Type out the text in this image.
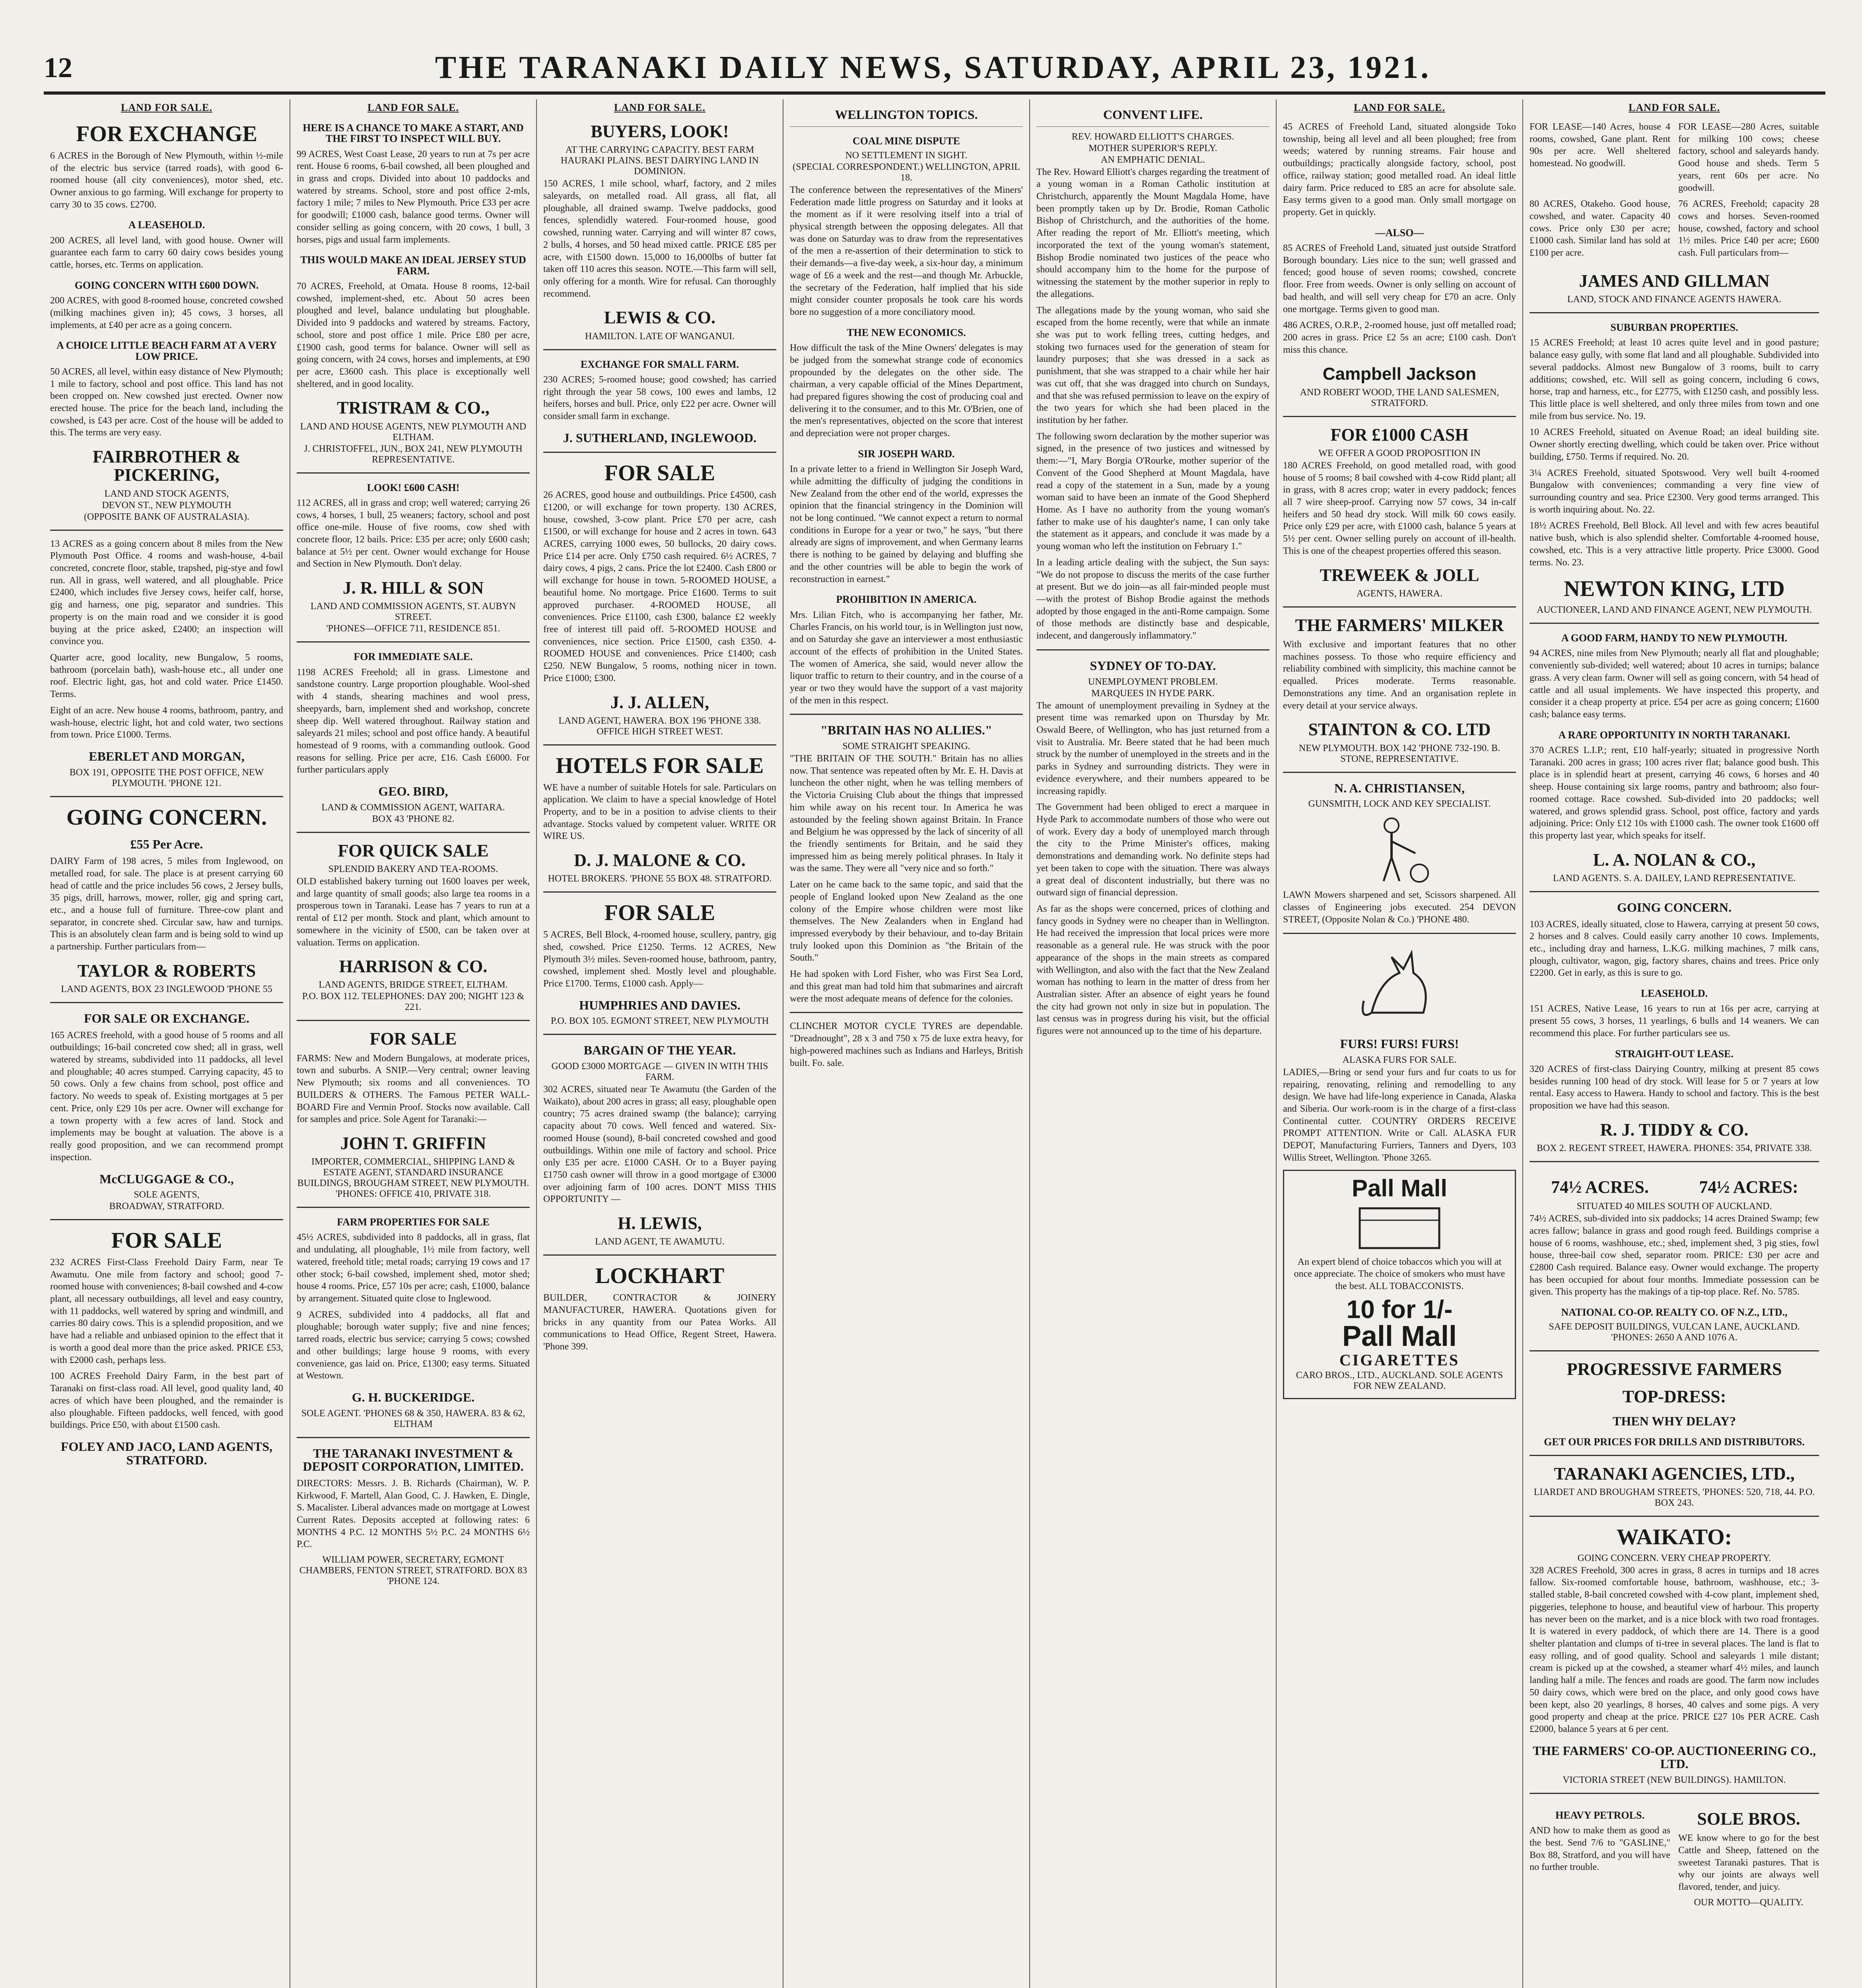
12	THE TARANAKI DAILY NEWS, SATURDAY, APRIL 23, 1921.
LAND FOR SALE.
FOR EXCHANGE
6 ACRES in the Borough of New Plymouth, within ½-mile of the electric bus service (tarred roads), with good 6-roomed house (all city conveniences), motor shed, etc. Owner anxious to go farming. Will exchange for property to carry 30 to 35 cows. £2700.
A LEASEHOLD.
200 ACRES, all level land, with good house. Owner will guarantee each farm to carry 60 dairy cows besides young cattle, horses, etc. Terms on application.
GOING CONCERN WITH £600 DOWN.
200 ACRES, with good 8-roomed house, concreted cowshed (milking machines given in); 45 cows, 3 horses, all implements, at £40 per acre as a going concern.
A CHOICE LITTLE BEACH FARM AT A VERY LOW PRICE.
50 ACRES, all level, within easy distance of New Plymouth; 1 mile to factory, school and post office. This land has not been cropped on. New cowshed just erected. Owner now erected house. The price for the beach land, including the cowshed, is £43 per acre. Cost of the house will be added to this. The terms are very easy.
FAIRBROTHER & PICKERING,
LAND AND STOCK AGENTS,
DEVON ST., NEW PLYMOUTH
(OPPOSITE BANK OF AUSTRALASIA).
13 ACRES as a going concern about 8 miles from the New Plymouth Post Office. 4 rooms and wash-house, 4-bail concreted, concrete floor, stable, trapshed, pig-stye and fowl run. All in grass, well watered, and all ploughable. Price £2400, which includes five Jersey cows, heifer calf, horse, gig and harness, one pig, separator and sundries. This property is on the main road and we consider it is good buying at the price asked, £2400; an inspection will convince you.
Quarter acre, good locality, new Bungalow, 5 rooms, bathroom (porcelain bath), wash-house etc., all under one roof. Electric light, gas, hot and cold water. Price £1450. Terms.
Eight of an acre. New house 4 rooms, bathroom, pantry, and wash-house, electric light, hot and cold water, two sections from town. Price £1000. Terms.
EBERLET AND MORGAN,
BOX 191, OPPOSITE THE POST OFFICE, NEW PLYMOUTH. 'PHONE 121.
GOING CONCERN.
£55 Per Acre.
DAIRY Farm of 198 acres, 5 miles from Inglewood, on metalled road, for sale. The place is at present carrying 60 head of cattle and the price includes 56 cows, 2 Jersey bulls, 35 pigs, drill, harrows, mower, roller, gig and spring cart, etc., and a house full of furniture. Three-cow plant and separator, in concrete shed. Circular saw, haw and turnips. This is an absolutely clean farm and is being sold to wind up a partnership. Further particulars from—
TAYLOR & ROBERTS
LAND AGENTS, BOX 23 INGLEWOOD 'PHONE 55
FOR SALE OR EXCHANGE.
165 ACRES freehold, with a good house of 5 rooms and all outbuildings; 16-bail concreted cow shed; all in grass, well watered by streams, subdivided into 11 paddocks, all level and ploughable; 40 acres stumped. Carrying capacity, 45 to 50 cows. Only a few chains from school, post office and factory. No weeds to speak of. Existing mortgages at 5 per cent. Price, only £29 10s per acre. Owner will exchange for a town property with a few acres of land. Stock and implements may be bought at valuation. The above is a really good proposition, and we can recommend prompt inspection.
McCLUGGAGE & CO.,
SOLE AGENTS,
BROADWAY, STRATFORD.
FOR SALE
232 ACRES First-Class Freehold Dairy Farm, near Te Awamutu. One mile from factory and school; good 7-roomed house with conveniences; 8-bail cowshed and 4-cow plant, all necessary outbuildings, all level and easy country, with 11 paddocks, well watered by spring and windmill, and carries 80 dairy cows. This is a splendid proposition, and we have had a reliable and unbiased opinion to the effect that it is worth a good deal more than the price asked. PRICE £53, with £2000 cash, perhaps less.
100 ACRES Freehold Dairy Farm, in the best part of Taranaki on first-class road. All level, good quality land, 40 acres of which have been ploughed, and the remainder is also ploughable. Fifteen paddocks, well fenced, with good buildings. Price £50, with about £1500 cash.
FOLEY AND JACO, LAND AGENTS, STRATFORD.
LAND FOR SALE.
HERE IS A CHANCE TO MAKE A START, AND THE FIRST TO INSPECT WILL BUY.
99 ACRES, West Coast Lease, 20 years to run at 7s per acre rent. House 6 rooms, 6-bail cowshed, all been ploughed and in grass and crops. Divided into about 10 paddocks and watered by streams. School, store and post office 2-mls, factory 1 mile; 7 miles to New Plymouth. Price £33 per acre for goodwill; £1000 cash, balance good terms. Owner will consider selling as going concern, with 20 cows, 1 bull, 3 horses, pigs and usual farm implements.
THIS WOULD MAKE AN IDEAL JERSEY STUD FARM.
70 ACRES, Freehold, at Omata. House 8 rooms, 12-bail cowshed, implement-shed, etc. About 50 acres been ploughed and level, balance undulating but ploughable. Divided into 9 paddocks and watered by streams. Factory, school, store and post office 1 mile. Price £80 per acre, £1900 cash, good terms for balance. Owner will sell as going concern, with 24 cows, horses and implements, at £90 per acre, £3600 cash. This place is exceptionally well sheltered, and in good locality.
TRISTRAM & CO.,
LAND AND HOUSE AGENTS, NEW PLYMOUTH AND ELTHAM.
J. CHRISTOFFEL, JUN., BOX 241, NEW PLYMOUTH REPRESENTATIVE.
LOOK! £600 CASH!
112 ACRES, all in grass and crop; well watered; carrying 26 cows, 4 horses, 1 bull, 25 weaners; factory, school and post office one-mile. House of five rooms, cow shed with concrete floor, 12 bails. Price: £35 per acre; only £600 cash; balance at 5½ per cent. Owner would exchange for House and Section in New Plymouth. Don't delay.
J. R. HILL & SON
LAND AND COMMISSION AGENTS, ST. AUBYN STREET.
'PHONES—OFFICE 711, RESIDENCE 851.
FOR IMMEDIATE SALE.
1198 ACRES Freehold; all in grass. Limestone and sandstone country. Large proportion ploughable. Wool-shed with 4 stands, shearing machines and wool press, sheepyards, barn, implement shed and workshop, concrete sheep dip. Well watered throughout. Railway station and saleyards 21 miles; school and post office handy. A beautiful homestead of 9 rooms, with a commanding outlook. Good reasons for selling. Price per acre, £16. Cash £6000. For further particulars apply
GEO. BIRD,
LAND & COMMISSION AGENT, WAITARA.
BOX 43 'PHONE 82.
FOR QUICK SALE
SPLENDID BAKERY AND TEA-ROOMS.
OLD established bakery turning out 1600 loaves per week, and large quantity of small goods; also large tea rooms in a prosperous town in Taranaki. Lease has 7 years to run at a rental of £12 per month. Stock and plant, which amount to somewhere in the vicinity of £500, can be taken over at valuation. Terms on application.
HARRISON & CO.
LAND AGENTS, BRIDGE STREET, ELTHAM.
P.O. BOX 112. TELEPHONES: DAY 200; NIGHT 123 & 221.
FOR SALE
FARMS: New and Modern Bungalows, at moderate prices, town and suburbs. A SNIP.—Very central; owner leaving New Plymouth; six rooms and all conveniences. TO BUILDERS & OTHERS. The Famous PETER WALL-BOARD Fire and Vermin Proof. Stocks now available. Call for samples and price. Sole Agent for Taranaki:—
JOHN T. GRIFFIN
IMPORTER, COMMERCIAL, SHIPPING LAND & ESTATE AGENT, STANDARD INSURANCE BUILDINGS, BROUGHAM STREET, NEW PLYMOUTH. 'PHONES: OFFICE 410, PRIVATE 318.
FARM PROPERTIES FOR SALE
45½ ACRES, subdivided into 8 paddocks, all in grass, flat and undulating, all ploughable, 1½ mile from factory, well watered, freehold title; metal roads; carrying 19 cows and 17 other stock; 6-bail cowshed, implement shed, motor shed; house 4 rooms. Price, £57 10s per acre; cash, £1000, balance by arrangement. Situated quite close to Inglewood.
9 ACRES, subdivided into 4 paddocks, all flat and ploughable; borough water supply; five and nine fences; tarred roads, electric bus service; carrying 5 cows; cowshed and other buildings; large house 9 rooms, with every convenience, gas laid on. Price, £1300; easy terms. Situated at Westown.
G. H. BUCKERIDGE.
SOLE AGENT. 'PHONES 68 & 350, HAWERA. 83 & 62, ELTHAM
THE TARANAKI INVESTMENT & DEPOSIT CORPORATION, LIMITED.
DIRECTORS: Messrs. J. B. Richards (Chairman), W. P. Kirkwood, F. Martell, Alan Good, C. J. Hawken, E. Dingle, S. Macalister. Liberal advances made on mortgage at Lowest Current Rates. Deposits accepted at following rates: 6 MONTHS 4 P.C. 12 MONTHS 5½ P.C. 24 MONTHS 6½ P.C.
WILLIAM POWER, SECRETARY, EGMONT CHAMBERS, FENTON STREET, STRATFORD. BOX 83 'PHONE 124.
LAND FOR SALE.
BUYERS, LOOK!
AT THE CARRYING CAPACITY. BEST FARM HAURAKI PLAINS. BEST DAIRYING LAND IN DOMINION.
150 ACRES, 1 mile school, wharf, factory, and 2 miles saleyards, on metalled road. All grass, all flat, all ploughable, all drained swamp. Twelve paddocks, good fences, splendidly watered. Four-roomed house, good cowshed, running water. Carrying and will winter 87 cows, 2 bulls, 4 horses, and 50 head mixed cattle. PRICE £85 per acre, with £1500 down. 15,000 to 16,000lbs of butter fat taken off 110 acres this season. NOTE.—This farm will sell, only offering for a month. Wire for refusal. Can thoroughly recommend.
LEWIS & CO.
HAMILTON. LATE OF WANGANUI.
EXCHANGE FOR SMALL FARM.
230 ACRES; 5-roomed house; good cowshed; has carried right through the year 58 cows, 100 ewes and lambs, 12 heifers, horses and bull. Price, only £22 per acre. Owner will consider small farm in exchange.
J. SUTHERLAND, INGLEWOOD.
FOR SALE
26 ACRES, good house and outbuildings. Price £4500, cash £1200, or will exchange for town property. 130 ACRES, house, cowshed, 3-cow plant. Price £70 per acre, cash £1500, or will exchange for house and 2 acres in town. 643 ACRES, carrying 1000 ewes, 50 bullocks, 20 dairy cows. Price £14 per acre. Only £750 cash required. 6½ ACRES, 7 dairy cows, 4 pigs, 2 cans. Price the lot £2400. Cash £800 or will exchange for house in town. 5-ROOMED HOUSE, a beautiful home. No mortgage. Price £1600. Terms to suit approved purchaser. 4-ROOMED HOUSE, all conveniences. Price £1100, cash £300, balance £2 weekly free of interest till paid off. 5-ROOMED HOUSE and conveniences, nice section. Price £1500, cash £350. 4-ROOMED HOUSE and conveniences. Price £1400; cash £250. NEW Bungalow, 5 rooms, nothing nicer in town. Price £1000; £300.
J. J. ALLEN,
LAND AGENT, HAWERA. BOX 196 'PHONE 338. OFFICE HIGH STREET WEST.
HOTELS FOR SALE
WE have a number of suitable Hotels for sale. Particulars on application. We claim to have a special knowledge of Hotel Property, and to be in a position to advise clients to their advantage. Stocks valued by competent valuer. WRITE OR WIRE US.
D. J. MALONE & CO.
HOTEL BROKERS. 'PHONE 55 BOX 48. STRATFORD.
FOR SALE
5 ACRES, Bell Block, 4-roomed house, scullery, pantry, gig shed, cowshed. Price £1250. Terms. 12 ACRES, New Plymouth 3½ miles. Seven-roomed house, bathroom, pantry, cowshed, implement shed. Mostly level and ploughable. Price £1700. Terms, £1000 cash. Apply—
HUMPHRIES AND DAVIES.
P.O. BOX 105. EGMONT STREET, NEW PLYMOUTH
BARGAIN OF THE YEAR.
GOOD £3000 MORTGAGE — GIVEN IN WITH THIS FARM.
302 ACRES, situated near Te Awamutu (the Garden of the Waikato), about 200 acres in grass; all easy, ploughable open country; 75 acres drained swamp (the balance); carrying capacity about 70 cows. Well fenced and watered. Six-roomed House (sound), 8-bail concreted cowshed and good outbuildings. Within one mile of factory and school. Price only £35 per acre. £1000 CASH. Or to a Buyer paying £1750 cash owner will throw in a good mortgage of £3000 over adjoining farm of 100 acres. DON'T MISS THIS OPPORTUNITY —
H. LEWIS,
LAND AGENT, TE AWAMUTU.
LOCKHART
BUILDER, CONTRACTOR & JOINERY MANUFACTURER, HAWERA. Quotations given for bricks in any quantity from our Patea Works. All communications to Head Office, Regent Street, Hawera. 'Phone 399.
WELLINGTON TOPICS.
COAL MINE DISPUTE
NO SETTLEMENT IN SIGHT.
(SPECIAL CORRESPONDENT.) WELLINGTON, APRIL 18.
The conference between the representatives of the Miners' Federation made little progress on Saturday and it looks at the moment as if it were resolving itself into a trial of physical strength between the opposing delegates. All that was done on Saturday was to draw from the representatives of the men a re-assertion of their determination to stick to their demands—a five-day week, a six-hour day, a minimum wage of £6 a week and the rest—and though Mr. Arbuckle, the secretary of the Federation, half implied that his side might consider counter proposals he took care his words bore no suggestion of a more conciliatory mood.
THE NEW ECONOMICS.
How difficult the task of the Mine Owners' delegates is may be judged from the somewhat strange code of economics propounded by the delegates on the other side. The chairman, a very capable official of the Mines Department, had prepared figures showing the cost of producing coal and delivering it to the consumer, and to this Mr. O'Brien, one of the men's representatives, objected on the score that interest and depreciation were not proper charges.
SIR JOSEPH WARD.
In a private letter to a friend in Wellington Sir Joseph Ward, while admitting the difficulty of judging the conditions in New Zealand from the other end of the world, expresses the opinion that the financial stringency in the Dominion will not be long continued. "We cannot expect a return to normal conditions in Europe for a year or two," he says, "but there already are signs of improvement, and when Germany learns there is nothing to be gained by delaying and bluffing she and the other countries will be able to begin the work of reconstruction in earnest."
PROHIBITION IN AMERICA.
Mrs. Lilian Fitch, who is accompanying her father, Mr. Charles Francis, on his world tour, is in Wellington just now, and on Saturday she gave an interviewer a most enthusiastic account of the effects of prohibition in the United States. The women of America, she said, would never allow the liquor traffic to return to their country, and in the course of a year or two they would have the support of a vast majority of the men in this respect.
"BRITAIN HAS NO ALLIES."
SOME STRAIGHT SPEAKING.
"THE BRITAIN OF THE SOUTH." Britain has no allies now. That sentence was repeated often by Mr. E. H. Davis at luncheon the other night, when he was telling members of the Victoria Cruising Club about the things that impressed him while away on his recent tour. In America he was astounded by the feeling shown against Britain. In France and Belgium he was oppressed by the lack of sincerity of all the friendly sentiments for Britain, and he said they impressed him as being merely political phrases. In Italy it was the same. They were all "very nice and so forth."
Later on he came back to the same topic, and said that the people of England looked upon New Zealand as the one colony of the Empire whose children were most like themselves. The New Zealanders when in England had impressed everybody by their behaviour, and to-day Britain truly looked upon this Dominion as "the Britain of the South."
He had spoken with Lord Fisher, who was First Sea Lord, and this great man had told him that submarines and aircraft were the most adequate means of defence for the colonies.
CLINCHER MOTOR CYCLE TYRES are dependable. "Dreadnought", 28 x 3 and 750 x 75 de luxe extra heavy, for high-powered machines such as Indians and Harleys, British built. Fo. sale.
CONVENT LIFE.
REV. HOWARD ELLIOTT'S CHARGES.
MOTHER SUPERIOR'S REPLY.
AN EMPHATIC DENIAL.
The Rev. Howard Elliott's charges regarding the treatment of a young woman in a Roman Catholic institution at Christchurch, apparently the Mount Magdala Home, have been promptly taken up by Dr. Brodie, Roman Catholic Bishop of Christchurch, and the authorities of the home. After reading the report of Mr. Elliott's meeting, which incorporated the text of the young woman's statement, Bishop Brodie nominated two justices of the peace who should accompany him to the home for the purpose of witnessing the statement by the mother superior in reply to the allegations.
The allegations made by the young woman, who said she escaped from the home recently, were that while an inmate she was put to work felling trees, cutting hedges, and stoking two furnaces used for the generation of steam for laundry purposes; that she was dressed in a sack as punishment, that she was strapped to a chair while her hair was cut off, that she was dragged into church on Sundays, and that she was refused permission to leave on the expiry of the two years for which she had been placed in the institution by her father.
The following sworn declaration by the mother superior was signed, in the presence of two justices and witnessed by them:—"I, Mary Borgia O'Rourke, mother superior of the Convent of the Good Shepherd at Mount Magdala, have read a copy of the statement in a Sun, made by a young woman said to have been an inmate of the Good Shepherd Home. As I have no authority from the young woman's father to make use of his daughter's name, I can only take the statement as it appears, and conclude it was made by a young woman who left the institution on February 1."
In a leading article dealing with the subject, the Sun says: "We do not propose to discuss the merits of the case further at present. But we do join—as all fair-minded people must—with the protest of Bishop Brodie against the methods adopted by those engaged in the anti-Rome campaign. Some of those methods are distinctly base and despicable, indecent, and dangerously inflammatory."
SYDNEY OF TO-DAY.
UNEMPLOYMENT PROBLEM.
MARQUEES IN HYDE PARK.
The amount of unemployment prevailing in Sydney at the present time was remarked upon on Thursday by Mr. Oswald Beere, of Wellington, who has just returned from a visit to Australia. Mr. Beere stated that he had been much struck by the number of unemployed in the streets and in the parks in Sydney and surrounding districts. They were in evidence everywhere, and their numbers appeared to be increasing rapidly.
The Government had been obliged to erect a marquee in Hyde Park to accommodate numbers of those who were out of work. Every day a body of unemployed march through the city to the Prime Minister's offices, making demonstrations and demanding work. No definite steps had yet been taken to cope with the situation. There was always a great deal of discontent industrially, but there was no outward sign of financial depression.
As far as the shops were concerned, prices of clothing and fancy goods in Sydney were no cheaper than in Wellington. He had received the impression that local prices were more reasonable as a general rule. He was struck with the poor appearance of the shops in the main streets as compared with Wellington, and also with the fact that the New Zealand woman has nothing to learn in the matter of dress from her Australian sister. After an absence of eight years he found the city had grown not only in size but in population. The last census was in progress during his visit, but the official figures were not announced up to the time of his departure.
LAND FOR SALE.
45 ACRES of Freehold Land, situated alongside Toko township, being all level and all been ploughed; free from weeds; watered by running streams. Fair house and outbuildings; practically alongside factory, school, post office, railway station; good metalled road. An ideal little dairy farm. Price reduced to £85 an acre for absolute sale. Easy terms given to a good man. Only small mortgage on property. Get in quickly.
—ALSO—
85 ACRES of Freehold Land, situated just outside Stratford Borough boundary. Lies nice to the sun; well grassed and fenced; good house of seven rooms; cowshed, concrete floor. Free from weeds. Owner is only selling on account of bad health, and will sell very cheap for £70 an acre. Only one mortgage. Terms given to good man.
486 ACRES, O.R.P., 2-roomed house, just off metalled road; 200 acres in grass. Price £2 5s an acre; £100 cash. Don't miss this chance.
Campbell Jackson
AND ROBERT WOOD, THE LAND SALESMEN, STRATFORD.
FOR £1000 CASH
WE OFFER A GOOD PROPOSITION IN
180 ACRES Freehold, on good metalled road, with good house of 5 rooms; 8 bail cowshed with 4-cow Ridd plant; all in grass, with 8 acres crop; water in every paddock; fences all 7 wire sheep-proof. Carrying now 57 cows, 34 in-calf heifers and 50 head dry stock. Will milk 60 cows easily. Price only £29 per acre, with £1000 cash, balance 5 years at 5½ per cent. Owner selling purely on account of ill-health. This is one of the cheapest properties offered this season.
TREWEEK & JOLL
AGENTS, HAWERA.
THE FARMERS' MILKER
With exclusive and important features that no other machines possess. To those who require efficiency and reliability combined with simplicity, this machine cannot be equalled. Prices moderate. Terms reasonable. Demonstrations any time. And an organisation replete in every detail at your service always.
STAINTON & CO. LTD
NEW PLYMOUTH. BOX 142 'PHONE 732-190. B. STONE, REPRESENTATIVE.
N. A. CHRISTIANSEN,
GUNSMITH, LOCK AND KEY SPECIALIST.
LAWN Mowers sharpened and set, Scissors sharpened. All classes of Engineering jobs executed. 254 DEVON STREET, (Opposite Nolan & Co.) 'PHONE 480.
FURS! FURS! FURS!
ALASKA FURS FOR SALE.
LADIES,—Bring or send your furs and fur coats to us for repairing, renovating, relining and remodelling to any design. We have had life-long experience in Canada, Alaska and Siberia. Our work-room is in the charge of a first-class Continental cutter. COUNTRY ORDERS RECEIVE PROMPT ATTENTION. Write or Call. ALASKA FUR DEPOT, Manufacturing Furriers, Tanners and Dyers, 103 Willis Street, Wellington. 'Phone 3265.
Pall Mall
An expert blend of choice tobaccos which you will at once appreciate. The choice of smokers who must have the best. ALL TOBACCONISTS.
10 for 1/-
Pall Mall
CIGARETTES
CARO BROS., LTD., AUCKLAND. SOLE AGENTS FOR NEW ZEALAND.
LAND FOR SALE.
FOR LEASE—140 Acres, house 4 rooms, cowshed, Gane plant. Rent 90s per acre. Well sheltered homestead. No goodwill.
FOR LEASE—280 Acres, suitable for milking 100 cows; cheese factory, school and saleyards handy. Good house and sheds. Term 5 years, rent 60s per acre. No goodwill.
80 ACRES, Otakeho. Good house, cowshed, and water. Capacity 40 cows. Price only £30 per acre; £1000 cash. Similar land has sold at £100 per acre.
76 ACRES, Freehold; capacity 28 cows and horses. Seven-roomed house, cowshed, factory and school 1½ miles. Price £40 per acre; £600 cash. Full particulars from—
JAMES AND GILLMAN
LAND, STOCK AND FINANCE AGENTS HAWERA.
SUBURBAN PROPERTIES.
15 ACRES Freehold; at least 10 acres quite level and in good pasture; balance easy gully, with some flat land and all ploughable. Subdivided into several paddocks. Almost new Bungalow of 3 rooms, built to carry additions; cowshed, etc. Will sell as going concern, including 6 cows, horse, trap and harness, etc., for £2775, with £1250 cash, and possibly less. This little place is well sheltered, and only three miles from town and one mile from bus service. No. 19.
10 ACRES Freehold, situated on Avenue Road; an ideal building site. Owner shortly erecting dwelling, which could be taken over. Price without building, £750. Terms if required. No. 20.
3¼ ACRES Freehold, situated Spotswood. Very well built 4-roomed Bungalow with conveniences; commanding a very fine view of surrounding country and sea. Price £2300. Very good terms arranged. This is worth inquiring about. No. 22.
18½ ACRES Freehold, Bell Block. All level and with few acres beautiful native bush, which is also splendid shelter. Comfortable 4-roomed house, cowshed, etc. This is a very attractive little property. Price £3000. Good terms. No. 23.
NEWTON KING, LTD
AUCTIONEER, LAND AND FINANCE AGENT, NEW PLYMOUTH.
A GOOD FARM, HANDY TO NEW PLYMOUTH.
94 ACRES, nine miles from New Plymouth; nearly all flat and ploughable; conveniently sub-divided; well watered; about 10 acres in turnips; balance grass. A very clean farm. Owner will sell as going concern, with 54 head of cattle and all usual implements. We have inspected this property, and consider it a cheap property at price. £54 per acre as going concern; £1600 cash; balance easy terms.
A RARE OPPORTUNITY IN NORTH TARANAKI.
370 ACRES L.I.P.; rent, £10 half-yearly; situated in progressive North Taranaki. 200 acres in grass; 100 acres river flat; balance good bush. This place is in splendid heart at present, carrying 46 cows, 6 horses and 40 sheep. House containing six large rooms, pantry and bathroom; also four-roomed cottage. Race cowshed. Sub-divided into 20 paddocks; well watered, and grows splendid grass. School, post office, factory and yards adjoining. Price: Only £12 10s with £1000 cash. The owner took £1600 off this property last year, which speaks for itself.
L. A. NOLAN & CO.,
LAND AGENTS. S. A. DAILEY, LAND REPRESENTATIVE.
GOING CONCERN.
103 ACRES, ideally situated, close to Hawera, carrying at present 50 cows, 2 horses and 8 calves. Could easily carry another 10 cows. Implements, etc., including dray and harness, L.K.G. milking machines, 7 milk cans, plough, cultivator, wagon, gig, factory shares, chains and trees. Price only £2200. Get in early, as this is sure to go.
LEASEHOLD.
151 ACRES, Native Lease, 16 years to run at 16s per acre, carrying at present 55 cows, 3 horses, 11 yearlings, 6 bulls and 14 weaners. We can recommend this place. For further particulars see us.
STRAIGHT-OUT LEASE.
320 ACRES of first-class Dairying Country, milking at present 85 cows besides running 100 head of dry stock. Will lease for 5 or 7 years at low rental. Easy access to Hawera. Handy to school and factory. This is the best proposition we have had this season.
R. J. TIDDY & CO.
BOX 2. REGENT STREET, HAWERA. PHONES: 354, PRIVATE 338.
74½ ACRES.	74½ ACRES:
SITUATED 40 MILES SOUTH OF AUCKLAND.
74½ ACRES, sub-divided into six paddocks; 14 acres Drained Swamp; few acres fallow; balance in grass and good rough feed. Buildings comprise a house of 6 rooms, washhouse, etc.; shed, implement shed, 3 pig sties, fowl house, three-bail cow shed, separator room. PRICE: £30 per acre and £2800 Cash required. Balance easy. Owner would exchange. The property has been occupied for about four months. Immediate possession can be given. This property has the makings of a tip-top place. Ref. No. 5785.
NATIONAL CO-OP. REALTY CO. OF N.Z., LTD.,
SAFE DEPOSIT BUILDINGS, VULCAN LANE, AUCKLAND. 'PHONES: 2650 A AND 1076 A.
PROGRESSIVE FARMERS
TOP-DRESS:
THEN WHY DELAY?
GET OUR PRICES FOR DRILLS AND DISTRIBUTORS.
TARANAKI AGENCIES, LTD.,
LIARDET AND BROUGHAM STREETS, 'PHONES: 520, 718, 44. P.O. BOX 243.
WAIKATO:
GOING CONCERN. VERY CHEAP PROPERTY.
328 ACRES Freehold, 300 acres in grass, 8 acres in turnips and 18 acres fallow. Six-roomed comfortable house, bathroom, washhouse, etc.; 3-stalled stable, 8-bail concreted cowshed with 4-cow plant, implement shed, piggeries, telephone to house, and beautiful view of harbour. This property has never been on the market, and is a nice block with two road frontages. It is watered in every paddock, of which there are 14. There is a good shelter plantation and clumps of ti-tree in several places. The land is flat to easy rolling, and of good quality. School and saleyards 1 mile distant; cream is picked up at the cowshed, a steamer wharf 4½ miles, and launch landing half a mile. The fences and roads are good. The farm now includes 50 dairy cows, which were bred on the place, and only good cows have been kept, also 20 yearlings, 8 horses, 40 calves and some pigs. A very good property and cheap at the price. PRICE £27 10s PER ACRE. Cash £2000, balance 5 years at 6 per cent.
THE FARMERS' CO-OP. AUCTIONEERING CO., LTD.
VICTORIA STREET (NEW BUILDINGS). HAMILTON.
HEAVY PETROLS.
AND how to make them as good as the best. Send 7/6 to "GASLINE," Box 88, Stratford, and you will have no further trouble.
SOLE BROS.
WE know where to go for the best Cattle and Sheep, fattened on the sweetest Taranaki pastures. That is why our joints are always well flavored, tender, and juicy.
OUR MOTTO—QUALITY.
